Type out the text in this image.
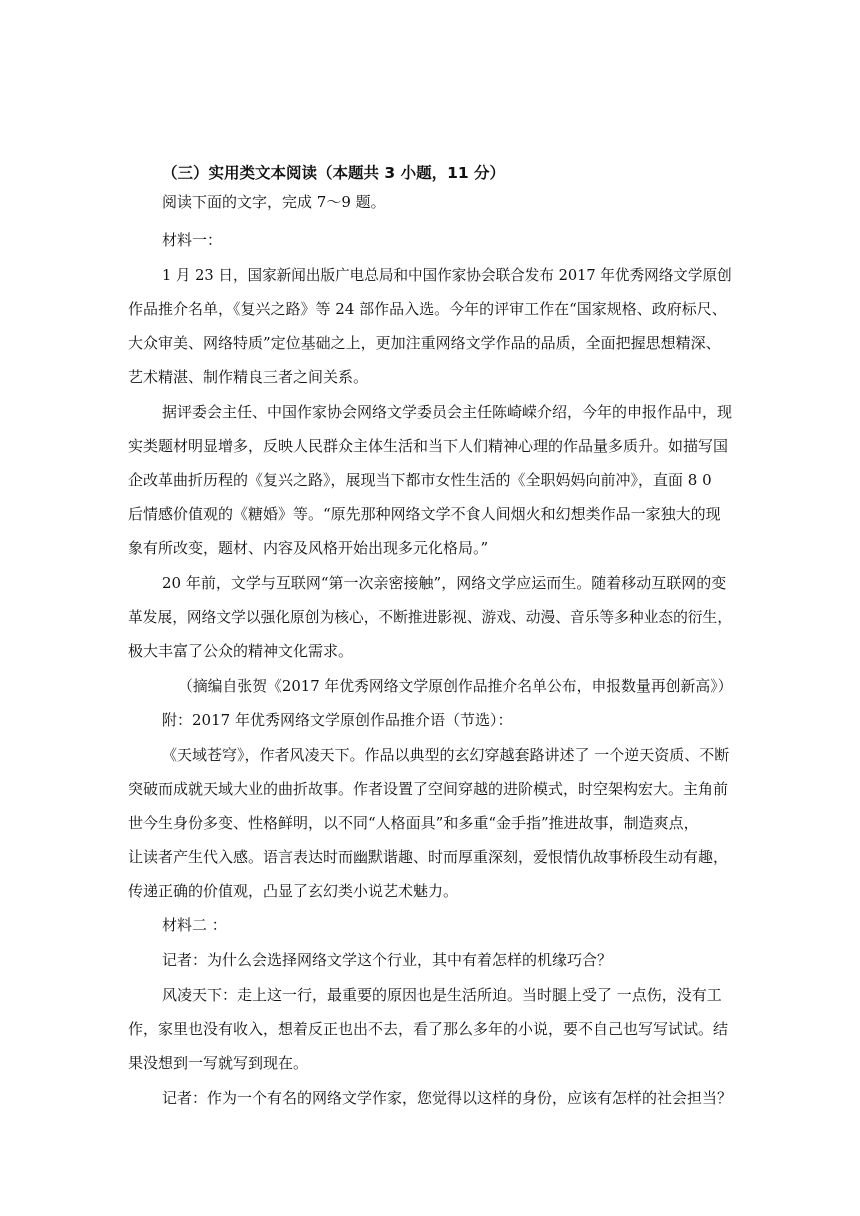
（三）实用类文本阅读（本题共 3 小题，11 分）
阅读下面的文字，完成 7～9 题。
材料一：
1 月 23 日，国家新闻出版广电总局和中国作家协会联合发布 2017 年优秀网络文学原创
作品推介名单，《复兴之路》等 24 部作品入选。今年的评审工作在“国家规格、政府标尺、
大众审美、网络特质”定位基础之上，更加注重网络文学作品的品质，全面把握思想精深、
艺术精湛、制作精良三者之间关系。
据评委会主任、中国作家协会网络文学委员会主任陈崎嵘介绍，今年的申报作品中，现
实类题材明显增多，反映人民群众主体生活和当下人们精神心理的作品量多质升。如描写国
企改革曲折历程的《复兴之路》，展现当下都市女性生活的《全职妈妈向前冲》，直面 8 0
后情感价值观的《糖婚》等。“原先那种网络文学不食人间烟火和幻想类作品一家独大的现
象有所改变，题材、内容及风格开始出现多元化格局。”
20 年前，文学与互联网“第一次亲密接触”，网络文学应运而生。随着移动互联网的变
革发展，网络文学以强化原创为核心，不断推进影视、游戏、动漫、音乐等多种业态的衍生，
极大丰富了公众的精神文化需求。
（摘编自张贺《2017 年优秀网络文学原创作品推介名单公布，申报数量再创新高》）
附：2017 年优秀网络文学原创作品推介语（节选）：
《天域苍穹》，作者风凌天下。作品以典型的玄幻穿越套路讲述了 一个逆天资质、不断
突破而成就天域大业的曲折故事。作者设置了空间穿越的进阶模式，时空架构宏大。主角前
世今生身份多变、性格鲜明，以不同“人格面具”和多重“金手指”推进故事，制造爽点，
让读者产生代入感。语言表达时而幽默谐趣、时而厚重深刻，爱恨情仇故事桥段生动有趣，
传递正确的价值观，凸显了玄幻类小说艺术魅力。
材料二 ：
记者：为什么会选择网络文学这个行业，其中有着怎样的机缘巧合？
风凌天下：走上这一行，最重要的原因也是生活所迫。当时腿上受了 一点伤，没有工
作，家里也没有收入，想着反正也出不去，看了那么多年的小说，要不自己也写写试试。结
果没想到一写就写到现在。
记者：作为一个有名的网络文学作家，您觉得以这样的身份，应该有怎样的社会担当？
